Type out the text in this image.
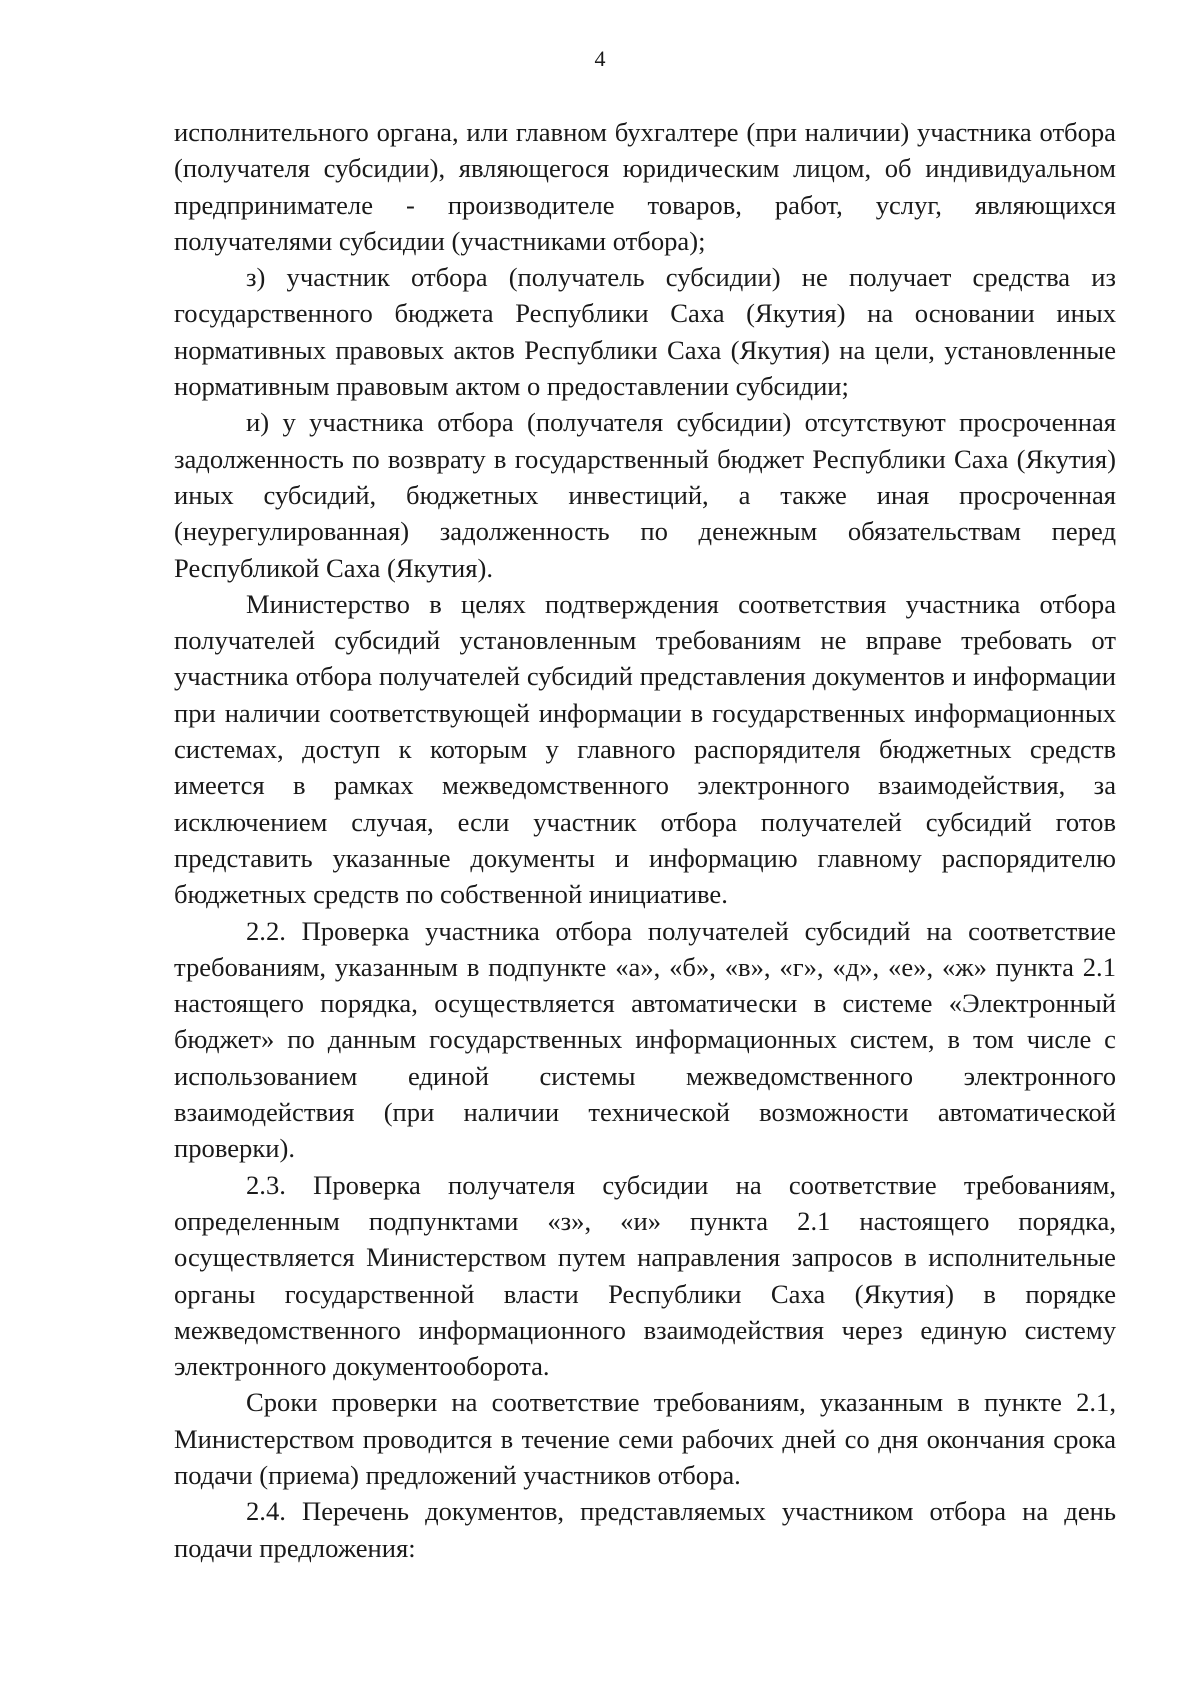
4

исполнительного органа, или главном бухгалтере (при наличии) участника отбора (получателя субсидии), являющегося юридическим лицом, об индивидуальном предпринимателе - производителе товаров, работ, услуг, являющихся получателями субсидии (участниками отбора);

з) участник отбора (получатель субсидии) не получает средства из государственного бюджета Республики Саха (Якутия) на основании иных нормативных правовых актов Республики Саха (Якутия) на цели, установленные нормативным правовым актом о предоставлении субсидии;

и) у участника отбора (получателя субсидии) отсутствуют просроченная задолженность по возврату в государственный бюджет Республики Саха (Якутия) иных субсидий, бюджетных инвестиций, а также иная просроченная (неурегулированная) задолженность по денежным обязательствам перед Республикой Саха (Якутия).

Министерство в целях подтверждения соответствия участника отбора получателей субсидий установленным требованиям не вправе требовать от участника отбора получателей субсидий представления документов и информации при наличии соответствующей информации в государственных информационных системах, доступ к которым у главного распорядителя бюджетных средств имеется в рамках межведомственного электронного взаимодействия, за исключением случая, если участник отбора получателей субсидий готов представить указанные документы и информацию главному распорядителю бюджетных средств по собственной инициативе.

2.2. Проверка участника отбора получателей субсидий на соответствие требованиям, указанным в подпункте «а», «б», «в», «г», «д», «е», «ж» пункта 2.1 настоящего порядка, осуществляется автоматически в системе «Электронный бюджет» по данным государственных информационных систем, в том числе с использованием единой системы межведомственного электронного взаимодействия (при наличии технической возможности автоматической проверки).

2.3. Проверка получателя субсидии на соответствие требованиям, определенным подпунктами «з», «и» пункта 2.1 настоящего порядка, осуществляется Министерством путем направления запросов в исполнительные органы государственной власти Республики Саха (Якутия) в порядке межведомственного информационного взаимодействия через единую систему электронного документооборота.

Сроки проверки на соответствие требованиям, указанным в пункте 2.1, Министерством проводится в течение семи рабочих дней со дня окончания срока подачи (приема) предложений участников отбора.

2.4. Перечень документов, представляемых участником отбора на день подачи предложения:
